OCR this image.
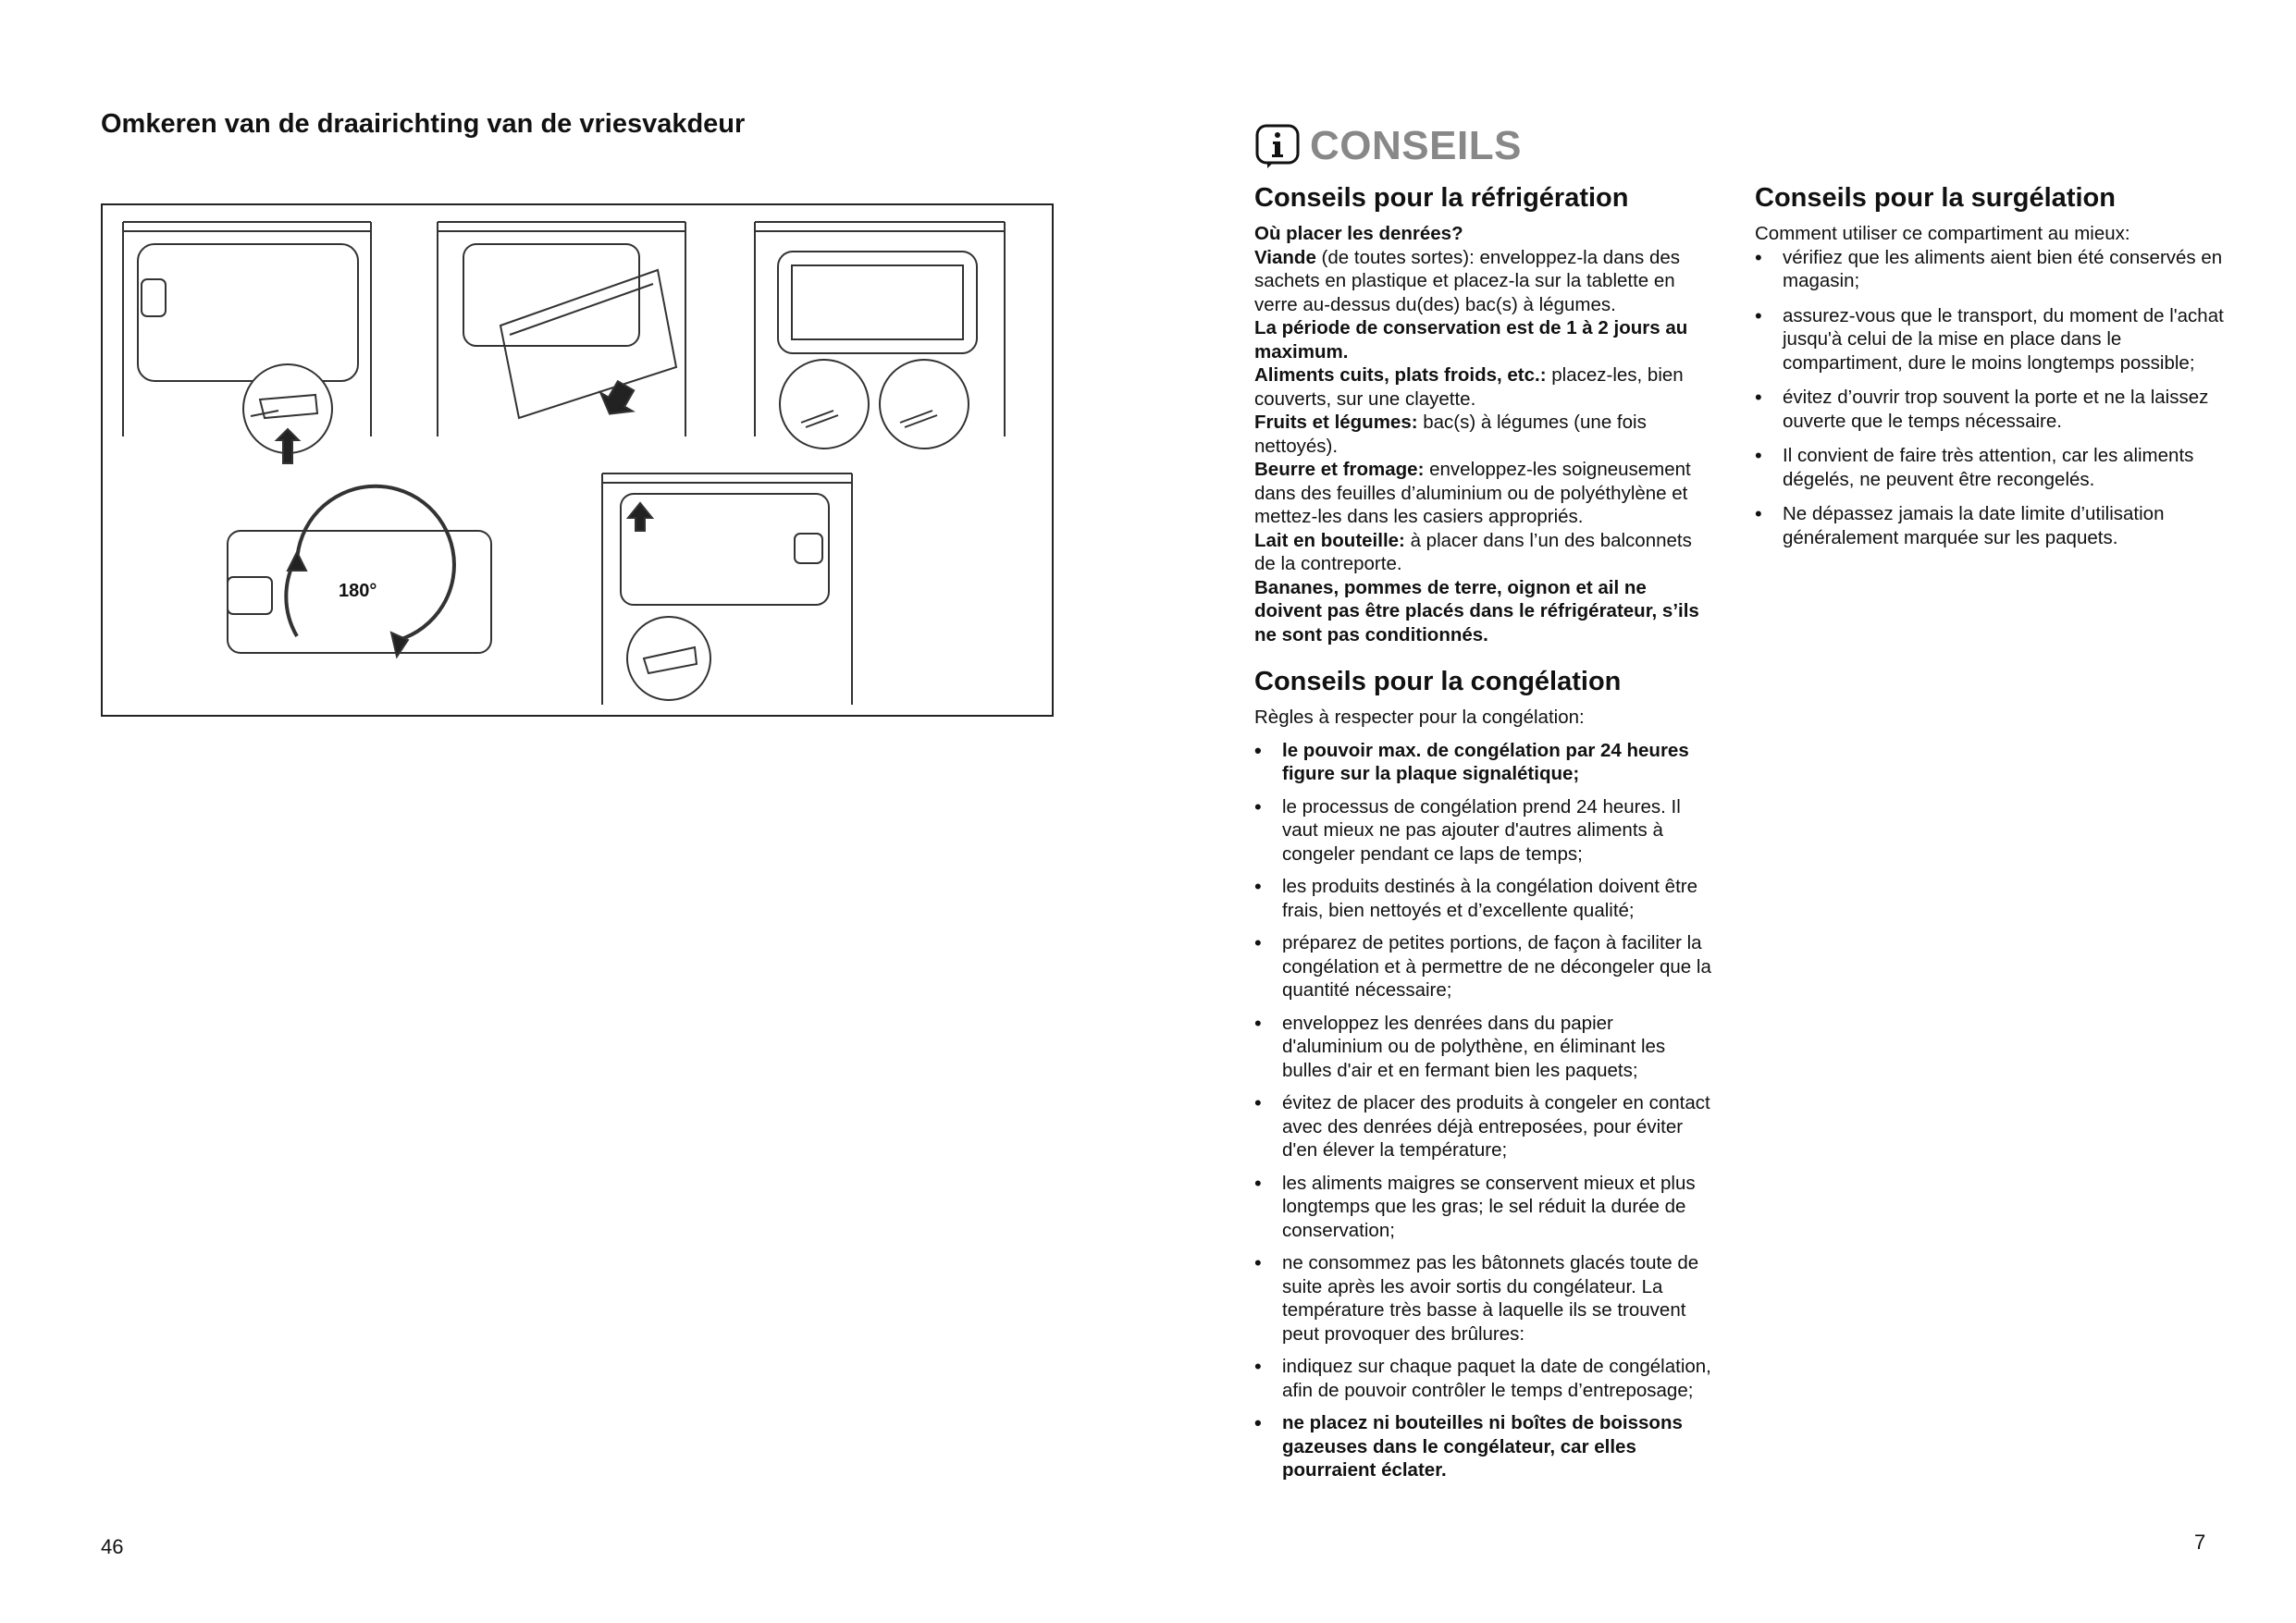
Omkeren van de draairichting van de vriesvakdeur
180°
46
CONSEILS
Conseils pour la réfrigération

Où placer les denrées?

Viande (de toutes sortes): enveloppez-la dans des sachets en plastique et placez-la sur la tablette en verre au-dessus du(des) bac(s) à légumes.

La période de conservation est de 1 à 2 jours au maximum.

Aliments cuits, plats froids, etc.: placez-les, bien couverts, sur une clayette.

Fruits et légumes: bac(s) à légumes (une fois nettoyés).

Beurre et fromage: enveloppez-les soigneusement dans des feuilles d’aluminium ou de polyéthylène et mettez-les dans les casiers appropriés.

Lait en bouteille: à placer dans l’un des balconnets de la contreporte.

Bananes, pommes de terre, oignon et ail ne doivent pas être placés dans le réfrigérateur, s’ils ne sont pas conditionnés.

Conseils pour la congélation

Règles à respecter pour la congélation:

• le pouvoir max. de congélation par 24 heures figure sur la plaque signalétique;
• le processus de congélation prend 24 heures. Il vaut mieux ne pas ajouter d'autres aliments à congeler pendant ce laps de temps;
• les produits destinés à la congélation doivent être frais, bien nettoyés et d’excellente qualité;
• préparez de petites portions, de façon à faciliter la congélation et à permettre de ne décongeler que la quantité nécessaire;
• enveloppez les denrées dans du papier d'aluminium ou de polythène, en éliminant les bulles d'air et en fermant bien les paquets;
• évitez de placer des produits à congeler en contact avec des denrées déjà entreposées, pour éviter d'en élever la température;
• les aliments maigres se conservent mieux et plus longtemps que les gras; le sel réduit la durée de conservation;
• ne consommez pas les bâtonnets glacés toute de suite après les avoir sortis du congélateur. La température très basse à laquelle ils se trouvent peut provoquer des brûlures:
• indiquez sur chaque paquet la date de congélation, afin de pouvoir contrôler le temps d’entreposage;
• ne placez ni bouteilles ni boîtes de boissons gazeuses dans le congélateur, car elles pourraient éclater.
Conseils pour la surgélation

Comment utiliser ce compartiment au mieux:

• vérifiez que les aliments aient bien été conservés en magasin;
• assurez-vous que le transport, du moment de l'achat jusqu'à celui de la mise en place dans le compartiment, dure le moins longtemps possible;
• évitez d’ouvrir trop souvent la porte et ne la laissez ouverte que le temps nécessaire.
• Il convient de faire très attention, car les aliments dégelés, ne peuvent être recongelés.
• Ne dépassez jamais la date limite d’utilisation généralement marquée sur les paquets.
7
